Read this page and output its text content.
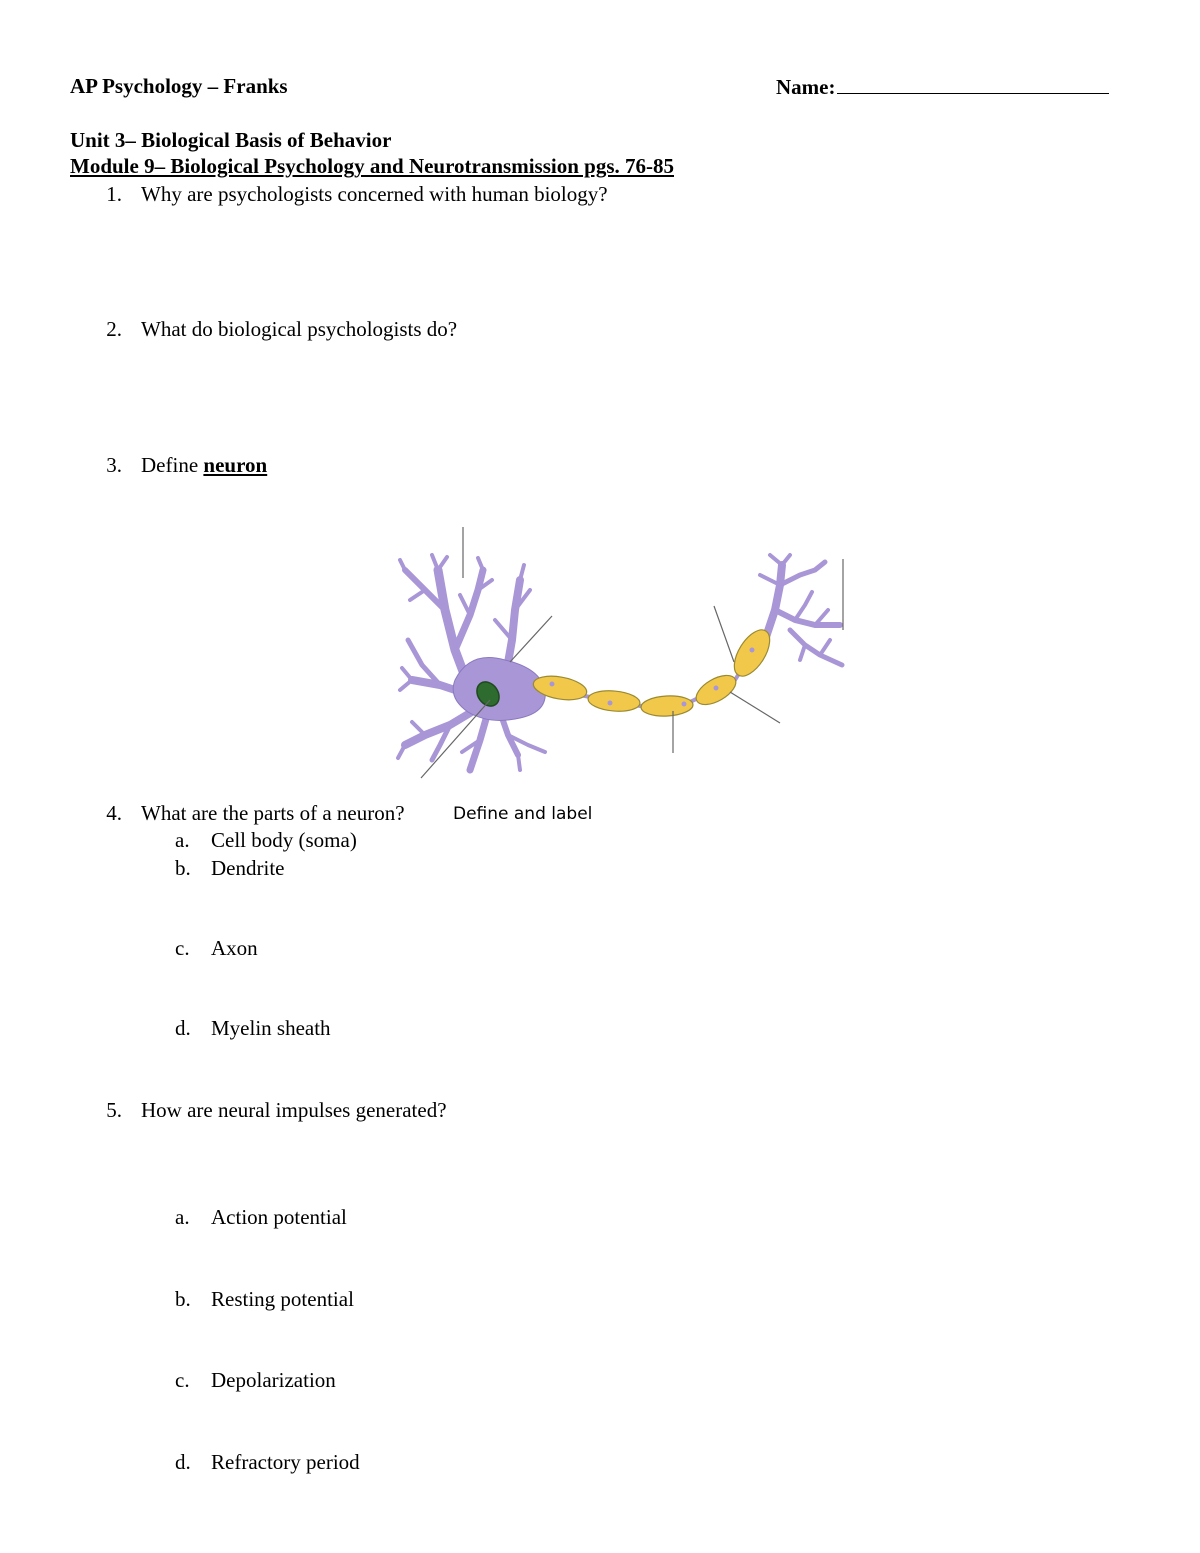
AP Psychology – Franks	Name:
Unit 3– Biological Basis of Behavior
Module 9– Biological Psychology and Neurotransmission pgs. 76-85
1. Why are psychologists concerned with human biology?
2. What do biological psychologists do?
3. Define neuron
4. What are the parts of a neuron?	Define and label
a. Cell body (soma)
b. Dendrite
c. Axon
d. Myelin sheath
5. How are neural impulses generated?
a. Action potential
b. Resting potential
c. Depolarization
d. Refractory period
